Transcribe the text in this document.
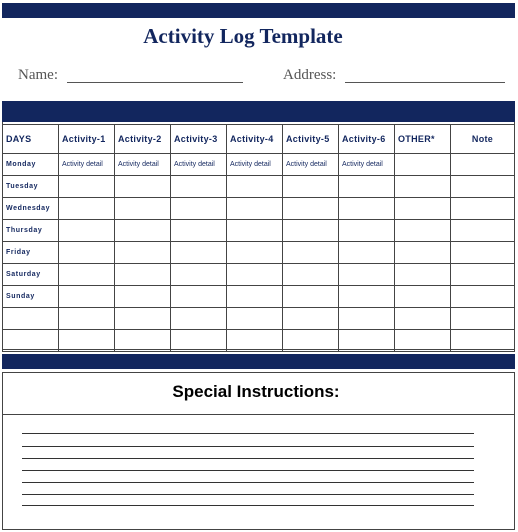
Activity Log Template
Name:	Address:
DAYS	Activity-1	Activity-2	Activity-3	Activity-4	Activity-5	Activity-6	OTHER*	Note
Monday	Activity detail	Activity detail	Activity detail	Activity detail	Activity detail	Activity detail		
Tuesday								
Wednesday								
Thursday								
Friday								
Saturday								
Sunday								

Special Instructions:
